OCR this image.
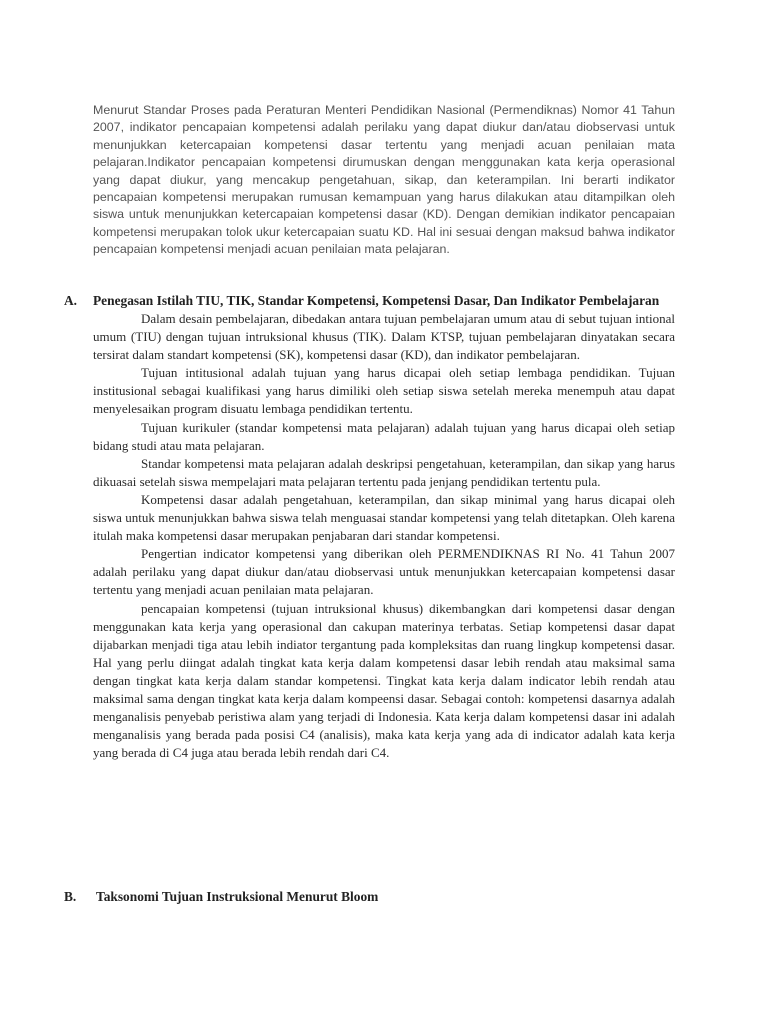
Menurut Standar Proses pada Peraturan Menteri Pendidikan Nasional (Permendiknas) Nomor 41 Tahun 2007, indikator pencapaian kompetensi adalah perilaku yang dapat diukur dan/atau diobservasi untuk menunjukkan ketercapaian kompetensi dasar tertentu yang menjadi acuan penilaian mata pelajaran.Indikator pencapaian kompetensi dirumuskan dengan menggunakan kata kerja operasional yang dapat diukur, yang mencakup pengetahuan, sikap, dan keterampilan. Ini berarti indikator pencapaian kompetensi merupakan rumusan kemampuan yang harus dilakukan atau ditampilkan oleh siswa untuk menunjukkan ketercapaian kompetensi dasar (KD). Dengan demikian indikator pencapaian kompetensi merupakan tolok ukur ketercapaian suatu KD. Hal ini sesuai dengan maksud bahwa indikator pencapaian kompetensi menjadi acuan penilaian mata pelajaran.

A.	Penegasan Istilah TIU, TIK, Standar Kompetensi, Kompetensi Dasar, Dan Indikator Pembelajaran

Dalam desain pembelajaran, dibedakan antara tujuan pembelajaran umum atau di sebut tujuan intional umum (TIU) dengan tujuan intruksional khusus (TIK). Dalam KTSP, tujuan pembelajaran dinyatakan secara tersirat dalam standart kompetensi (SK), kompetensi dasar (KD), dan indikator pembelajaran.

Tujuan intitusional adalah tujuan yang harus dicapai oleh setiap lembaga pendidikan. Tujuan institusional sebagai kualifikasi yang harus dimiliki oleh setiap siswa setelah mereka menempuh atau dapat menyelesaikan program disuatu lembaga pendidikan tertentu.

Tujuan kurikuler (standar kompetensi mata pelajaran) adalah tujuan yang harus dicapai oleh setiap bidang studi atau mata pelajaran.

Standar kompetensi mata pelajaran adalah deskripsi pengetahuan, keterampilan, dan sikap yang harus dikuasai setelah siswa mempelajari mata pelajaran tertentu pada jenjang pendidikan tertentu pula.

Kompetensi dasar adalah pengetahuan, keterampilan, dan sikap minimal yang harus dicapai oleh siswa untuk menunjukkan bahwa siswa telah menguasai standar kompetensi yang telah ditetapkan. Oleh karena itulah maka kompetensi dasar merupakan penjabaran dari standar kompetensi.

Pengertian indicator kompetensi yang diberikan oleh PERMENDIKNAS RI No. 41 Tahun 2007 adalah perilaku yang dapat diukur dan/atau diobservasi untuk menunjukkan ketercapaian kompetensi dasar tertentu yang menjadi acuan penilaian mata pelajaran.

pencapaian kompetensi (tujuan intruksional khusus) dikembangkan dari kompetensi dasar dengan menggunakan kata kerja yang operasional dan cakupan materinya terbatas. Setiap kompetensi dasar dapat dijabarkan menjadi tiga atau lebih indiator tergantung pada kompleksitas dan ruang lingkup kompetensi dasar. Hal yang perlu diingat adalah tingkat kata kerja dalam kompetensi dasar lebih rendah atau maksimal sama dengan tingkat kata kerja dalam standar kompetensi. Tingkat kata kerja dalam indicator lebih rendah atau maksimal sama dengan tingkat kata kerja dalam kompeensi dasar. Sebagai contoh: kompetensi dasarnya adalah menganalisis penyebab peristiwa alam yang terjadi di Indonesia. Kata kerja dalam kompetensi dasar ini adalah menganalisis yang berada pada posisi C4 (analisis), maka kata kerja yang ada di indicator adalah kata kerja yang berada di C4 juga atau berada lebih rendah dari C4.

B.	Taksonomi Tujuan Instruksional Menurut Bloom
